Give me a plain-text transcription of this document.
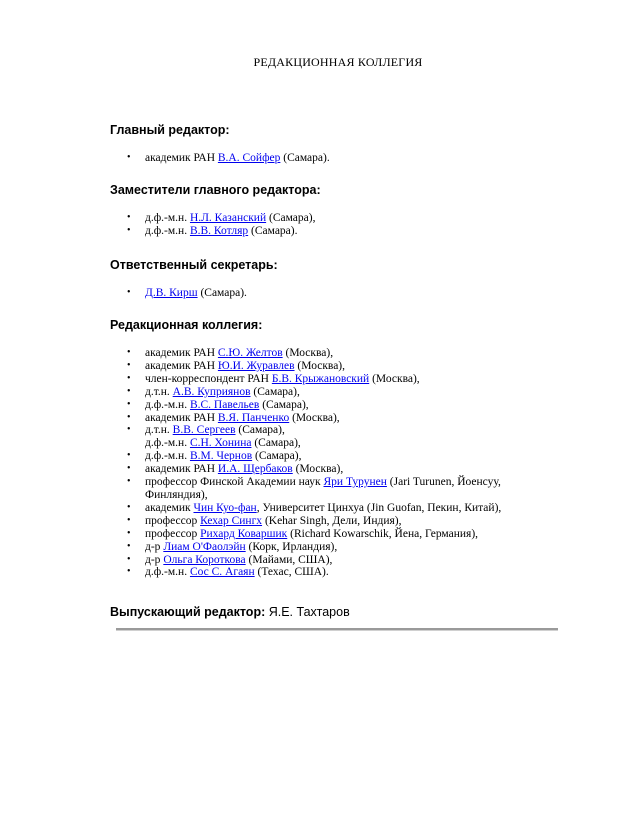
РЕДАКЦИОННАЯ КОЛЛЕГИЯ
Главный редактор:
• академик РАН В.А. Сойфер (Самара).
Заместители главного редактора:
• д.ф.-м.н. Н.Л. Казанский (Самара),
• д.ф.-м.н. В.В. Котляр (Самара).
Ответственный секретарь:
• Д.В. Кирш (Самара).
Редакционная коллегия:
• академик РАН С.Ю. Желтов (Москва),
• академик РАН Ю.И. Журавлев (Москва),
• член-корреспондент РАН Б.В. Крыжановский (Москва),
• д.т.н. А.В. Куприянов (Самара),
• д.ф.-м.н. В.С. Павельев (Самара),
• академик РАН В.Я. Панченко (Москва),
• д.т.н. В.В. Сергеев (Самара),
д.ф.-м.н. С.Н. Хонина (Самара),
• д.ф.-м.н. В.М. Чернов (Самара),
• академик РАН И.А. Щербаков (Москва),
• профессор Финской Академии наук Яри Турунен (Jari Turunen, Йоенсуу, Финляндия),
• академик Чин Куо-фан, Университет Цинхуа (Jin Guofan, Пекин, Китай),
• профессор Кехар Сингх (Kehar Singh, Дели, Индия),
• профессор Рихард Коваршик (Richard Kowarschik, Йена, Германия),
• д-р Лиам О'Фаолэйн (Корк, Ирландия),
• д-р Ольга Короткова (Майами, США),
• д.ф.-м.н. Сос С. Агаян (Техас, США).
Выпускающий редактор: Я.Е. Тахтаров
